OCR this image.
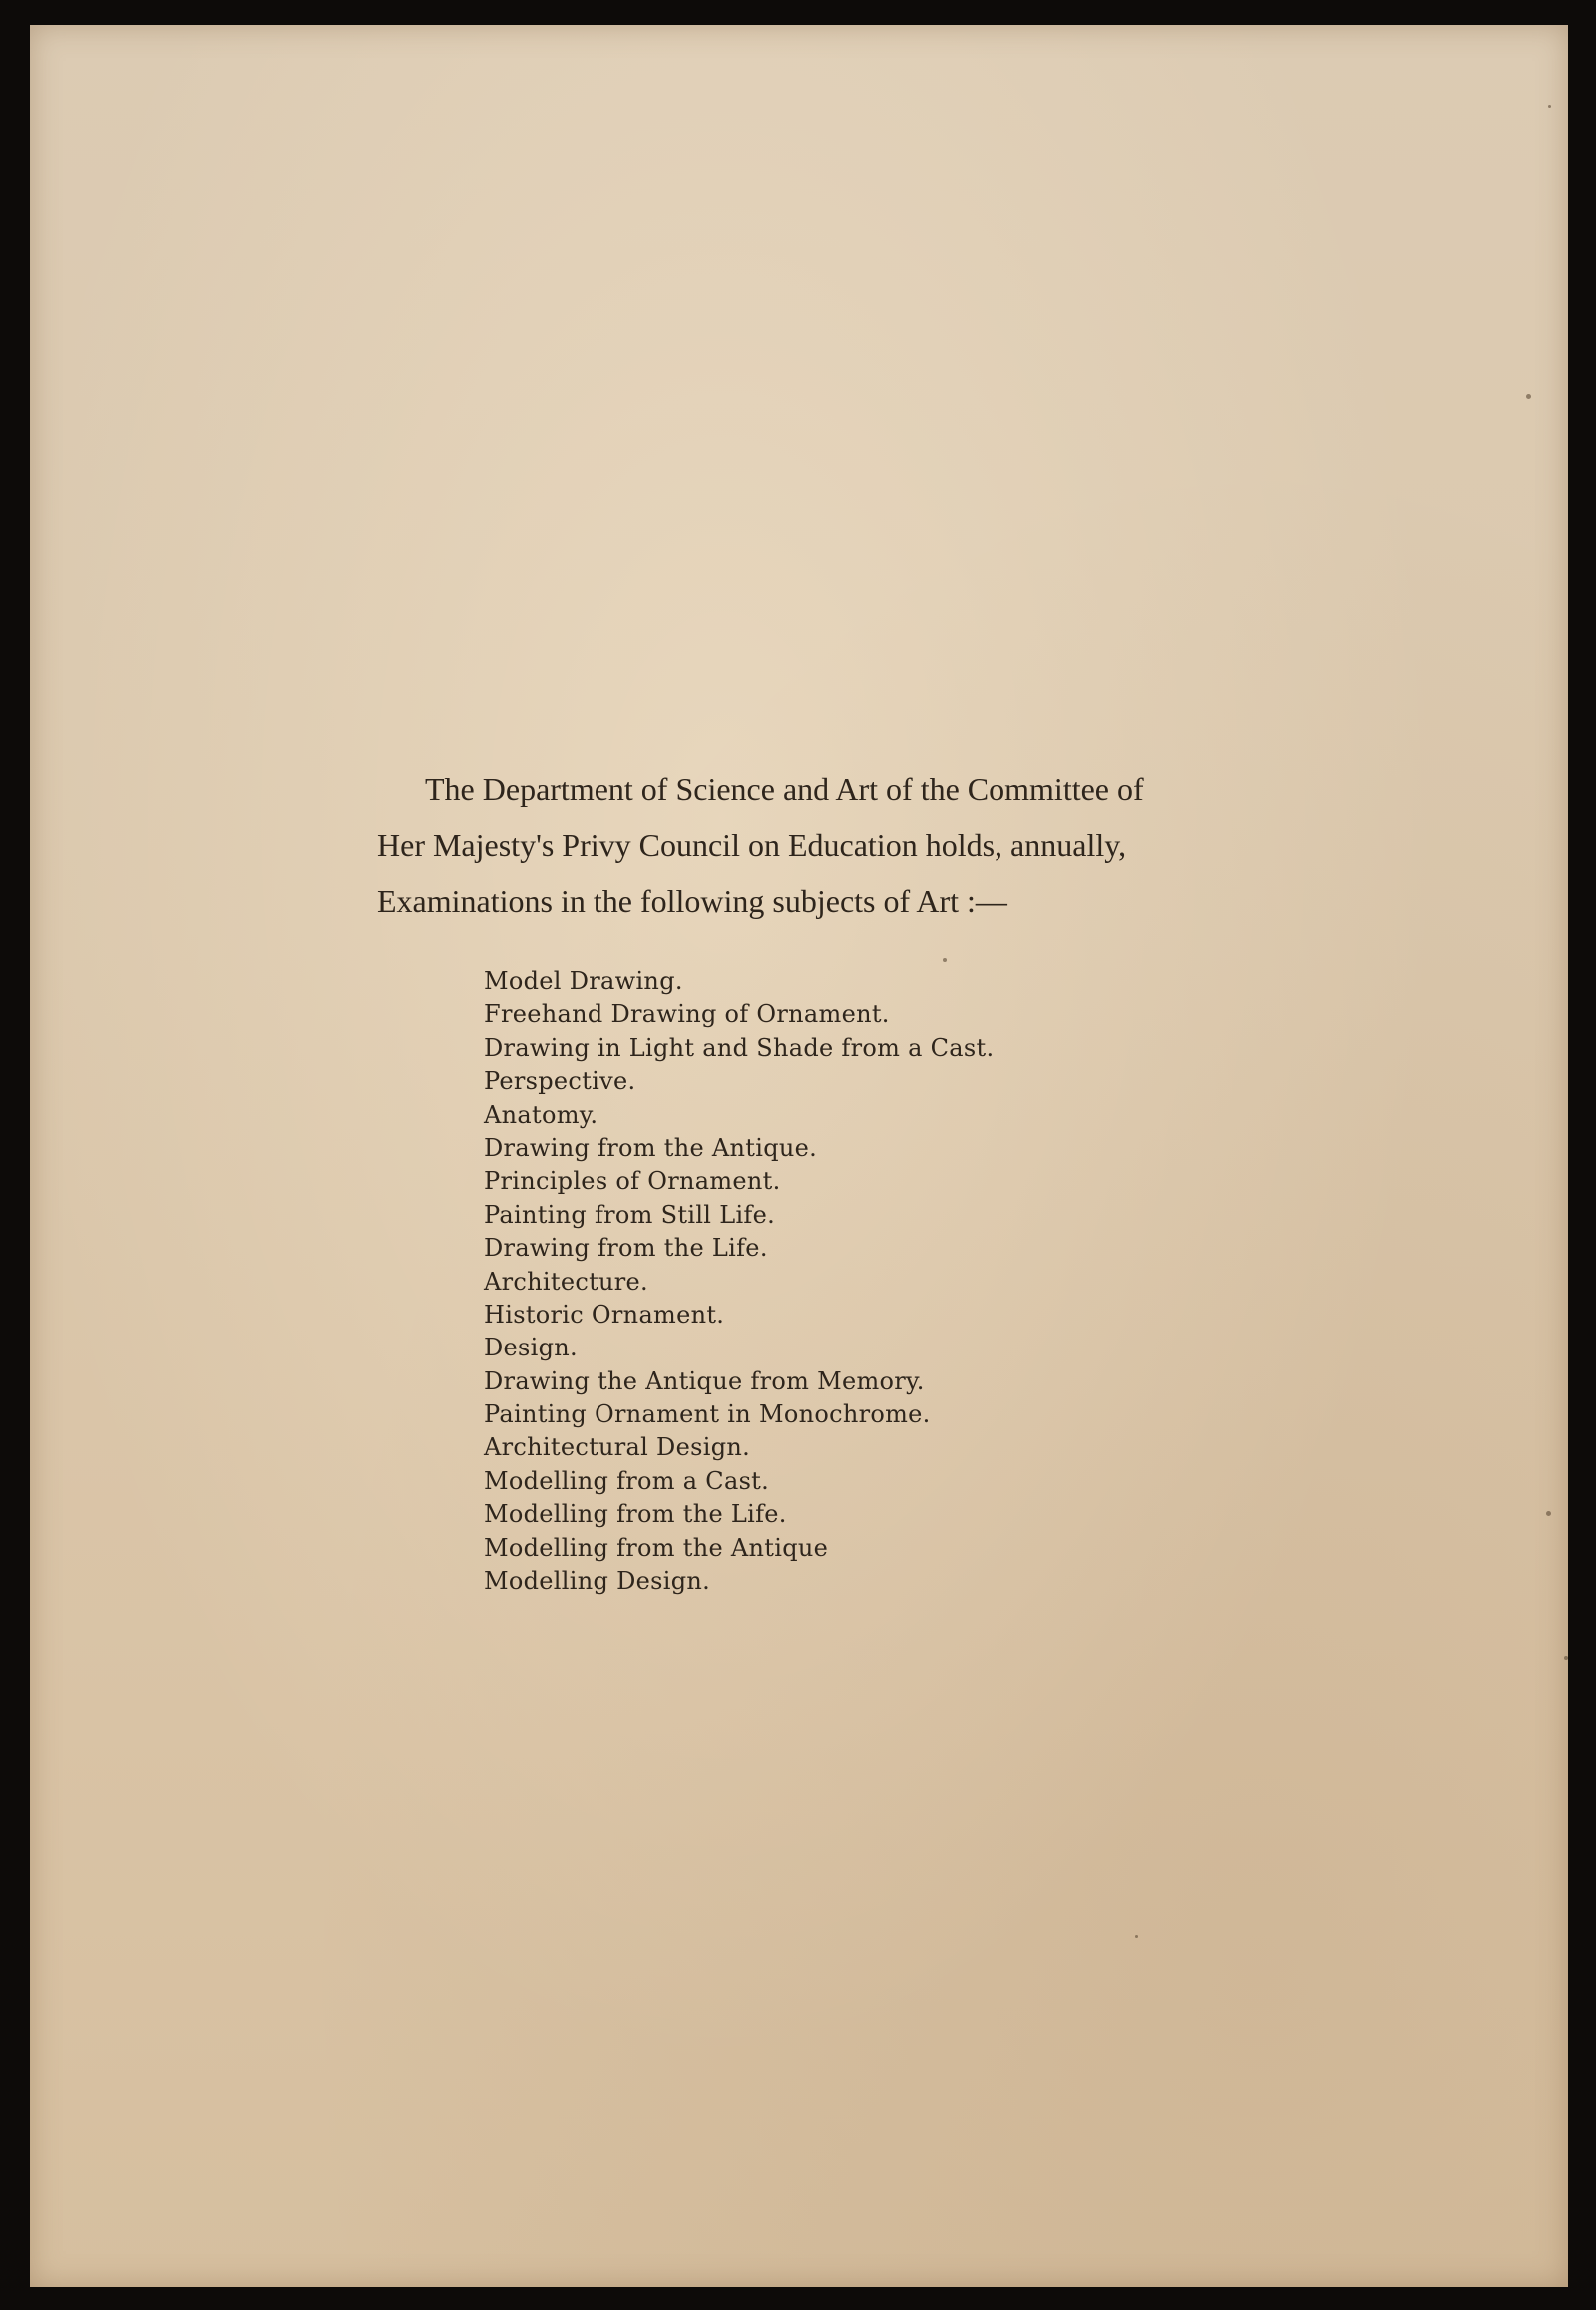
The Department of Science and Art of the Committee of
Her Majesty's Privy Council on Education holds, annually,
Examinations in the following subjects of Art :—

Model Drawing.
Freehand Drawing of Ornament.
Drawing in Light and Shade from a Cast.
Perspective.
Anatomy.
Drawing from the Antique.
Principles of Ornament.
Painting from Still Life.
Drawing from the Life.
Architecture.
Historic Ornament.
Design.
Drawing the Antique from Memory.
Painting Ornament in Monochrome.
Architectural Design.
Modelling from a Cast.
Modelling from the Life.
Modelling from the Antique
Modelling Design.
